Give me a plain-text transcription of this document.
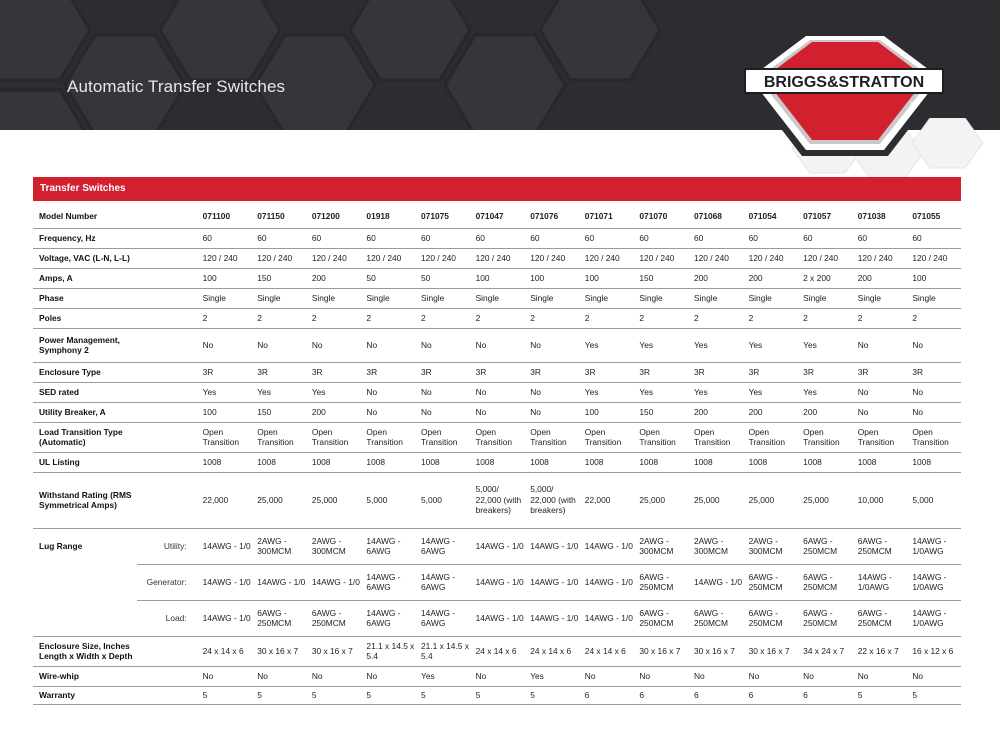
Automatic Transfer Switches	BRIGGS&STRATTON
®
Transfer Switches
Model Number		071100	071150	071200	01918	071075	071047	071076	071071	071070	071068	071054	071057	071038	071055
Frequency, Hz		60	60	60	60	60	60	60	60	60	60	60	60	60	60
Voltage, VAC (L-N, L-L)		120 / 240	120 / 240	120 / 240	120 / 240	120 / 240	120 / 240	120 / 240	120 / 240	120 / 240	120 / 240	120 / 240	120 / 240	120 / 240	120 / 240
Amps, A		100	150	200	50	50	100	100	100	150	200	200	2 x 200	200	100
Phase		Single	Single	Single	Single	Single	Single	Single	Single	Single	Single	Single	Single	Single	Single
Poles		2	2	2	2	2	2	2	2	2	2	2	2	2	2
Power Management, Symphony 2		No	No	No	No	No	No	No	Yes	Yes	Yes	Yes	Yes	No	No
Enclosure Type		3R	3R	3R	3R	3R	3R	3R	3R	3R	3R	3R	3R	3R	3R
SED rated		Yes	Yes	Yes	No	No	No	No	Yes	Yes	Yes	Yes	Yes	No	No
Utility Breaker, A		100	150	200	No	No	No	No	100	150	200	200	200	No	No
Load Transition Type (Automatic)		Open Transition	Open Transition	Open Transition	Open Transition	Open Transition	Open Transition	Open Transition	Open Transition	Open Transition	Open Transition	Open Transition	Open Transition	Open Transition	Open Transition
UL Listing		1008	1008	1008	1008	1008	1008	1008	1008	1008	1008	1008	1008	1008	1008
Withstand Rating (RMS Symmetrical Amps)		22,000	25,000	25,000	5,000	5,000	5,000/ 22,000 (with breakers)	5,000/ 22,000 (with breakers)	22,000	25,000	25,000	25,000	25,000	10,000	5,000
Lug Range	Utility:	14AWG - 1/0	2AWG - 300MCM	2AWG - 300MCM	14AWG - 6AWG	14AWG - 6AWG	14AWG - 1/0	14AWG - 1/0	14AWG - 1/0	2AWG - 300MCM	2AWG - 300MCM	2AWG - 300MCM	6AWG - 250MCM	6AWG - 250MCM	14AWG - 1/0AWG
	Generator:	14AWG - 1/0	14AWG - 1/0	14AWG - 1/0	14AWG - 6AWG	14AWG - 6AWG	14AWG - 1/0	14AWG - 1/0	14AWG - 1/0	6AWG - 250MCM	14AWG - 1/0	6AWG - 250MCM	6AWG - 250MCM	14AWG - 1/0AWG	14AWG - 1/0AWG
	Load:	14AWG - 1/0	6AWG - 250MCM	6AWG - 250MCM	14AWG - 6AWG	14AWG - 6AWG	14AWG - 1/0	14AWG - 1/0	14AWG - 1/0	6AWG - 250MCM	6AWG - 250MCM	6AWG - 250MCM	6AWG - 250MCM	6AWG - 250MCM	14AWG - 1/0AWG
Enclosure Size, Inches Length x Width x Depth		24 x 14 x 6	30 x 16 x 7	30 x 16 x 7	21.1 x 14.5 x 5.4	21.1 x 14.5 x 5.4	24 x 14 x 6	24 x 14 x 6	24 x 14 x 6	30 x 16 x 7	30 x 16 x 7	30 x 16 x 7	34 x 24 x 7	22 x 16 x 7	16 x 12 x 6
Wire-whip		No	No	No	No	Yes	No	Yes	No	No	No	No	No	No	No
Warranty		5	5	5	5	5	5	5	6	6	6	6	6	5	5
